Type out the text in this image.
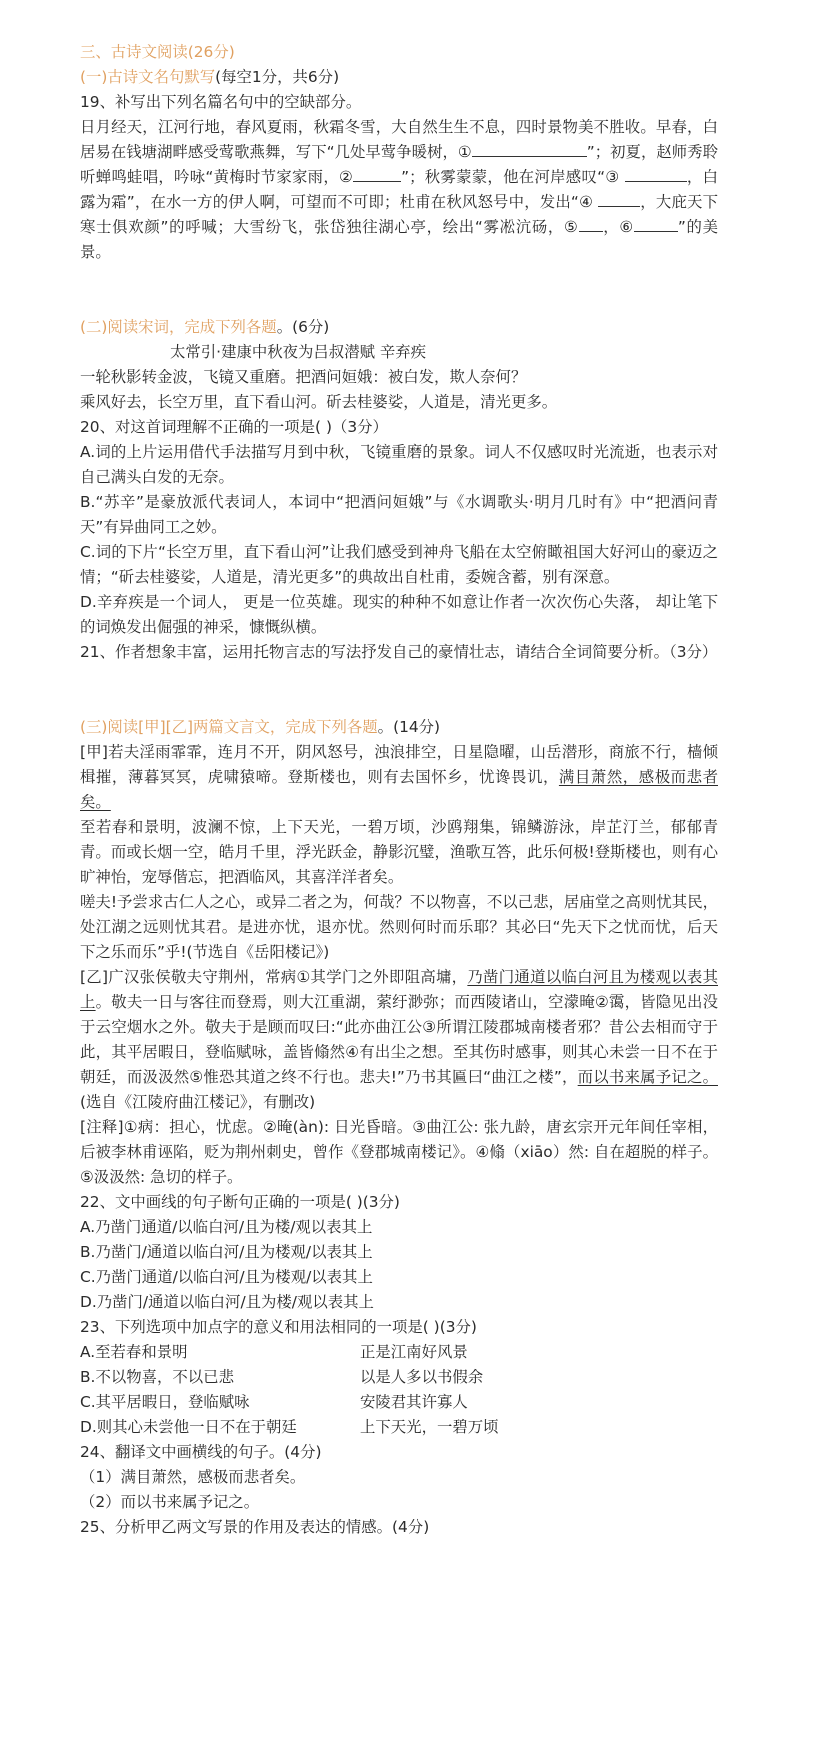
三、古诗文阅读(26分)

(一)古诗文名句默写(每空1分，共6分)

19、补写出下列名篇名句中的空缺部分。

日月经天，江河行地，春风夏雨，秋霜冬雪，大自然生生不息，四时景物美不胜收。早春，白居易在钱塘湖畔感受莺歌燕舞，写下“几处早莺争暖树，①	”；初夏，赵师秀聆听蝉鸣蛙唱，吟咏“黄梅时节家家雨，②	”；秋雾蒙蒙，他在河岸感叹“③	，白露为霜”，在水一方的伊人啊，可望而不可即；杜甫在秋风怒号中，发出“④	，大庇天下寒士俱欢颜”的呼喊；大雪纷飞，张岱独往湖心亭，绘出“雾凇沆砀，⑤ ，⑥	”的美景。

(二)阅读宋词，完成下列各题。(6分)

太常引·建康中秋夜为吕叔潜赋 辛弃疾

一轮秋影转金波，飞镜又重磨。把酒问姮娥：被白发，欺人奈何？

乘风好去，长空万里，直下看山河。斫去桂婆娑，人道是，清光更多。

20、对这首词理解不正确的一项是( )（3分）

A.词的上片运用借代手法描写月到中秋，飞镜重磨的景象。词人不仅感叹时光流逝，也表示对自己满头白发的无奈。

B.“苏辛”是豪放派代表词人，本词中“把酒问姮娥”与《水调歌头·明月几时有》中“把酒问青天”有异曲同工之妙。

C.词的下片“长空万里，直下看山河”让我们感受到神舟飞船在太空俯瞰祖国大好河山的豪迈之情；“斫去桂婆娑，人道是，清光更多”的典故出自杜甫，委婉含蓄，别有深意。

D.辛弃疾是一个词人， 更是一位英雄。现实的种种不如意让作者一次次伤心失落， 却让笔下的词焕发出倔强的神采，慷慨纵横。

21、作者想象丰富，运用托物言志的写法抒发自己的豪情壮志，请结合全词简要分析。（3分）

(三)阅读[甲][乙]两篇文言文，完成下列各题。(14分)

[甲]若夫淫雨霏霏，连月不开，阴风怒号，浊浪排空，日星隐曜，山岳潜形，商旅不行，樯倾楫摧，薄暮冥冥，虎啸猿啼。登斯楼也，则有去国怀乡，忧谗畏讥，满目萧然，感极而悲者矣。

至若春和景明，波澜不惊，上下天光，一碧万顷，沙鸥翔集，锦鳞游泳，岸芷汀兰，郁郁青青。而或长烟一空，皓月千里，浮光跃金，静影沉璧，渔歌互答，此乐何极!登斯楼也，则有心旷神怡，宠辱偕忘，把酒临风，其喜洋洋者矣。

嗟夫!予尝求古仁人之心，或异二者之为，何哉？不以物喜，不以己悲，居庙堂之高则忧其民，处江湖之远则忧其君。是进亦忧，退亦忧。然则何时而乐耶？其必曰“先天下之忧而忧，后天下之乐而乐”乎!(节选自《岳阳楼记》)

[乙]广汉张侯敬夫守荆州，常病①其学门之外即阻高墉，乃凿门通道以临白河且为楼观以表其上。敬夫一日与客往而登焉，则大江重湖，萦纡渺弥；而西陵诸山，空濛晻②霭，皆隐见出没于云空烟水之外。敬夫于是顾而叹曰:“此亦曲江公③所谓江陵郡城南楼者邪？昔公去相而守于此，其平居暇日，登临赋咏，盖皆翛然④有出尘之想。至其伤时感事，则其心未尝一日不在于朝廷，而汲汲然⑤惟恐其道之终不行也。悲夫!”乃书其匾曰“曲江之楼”，而以书来属予记之。 (选自《江陵府曲江楼记》，有删改)

[注释]①病：担心，忧虑。②晻(àn): 日光昏暗。③曲江公: 张九龄，唐玄宗开元年间任宰相，后被李林甫诬陷，贬为荆州刺史，曾作《登郡城南楼记》。④翛（xiāo）然: 自在超脱的样子。⑤汲汲然: 急切的样子。

22、文中画线的句子断句正确的一项是( )(3分)

A.乃凿门通道/以临白河/且为楼/观以表其上

B.乃凿门/通道以临白河/且为楼观/以表其上

C.乃凿门通道/以临白河/且为楼观/以表其上

D.乃凿门/通道以临白河/且为楼/观以表其上

23、下列选项中加点字的意义和用法相同的一项是( )(3分)

A.至若春和景明	正是江南好风景
B.不以物喜，不以已悲	以是人多以书假余
C.其平居暇日，登临赋咏	安陵君其许寡人
D.则其心未尝他一日不在于朝廷	上下天光，一碧万顷

24、翻译文中画横线的句子。(4分)

（1）满目萧然，感极而悲者矣。

（2）而以书来属予记之。

25、分析甲乙两文写景的作用及表达的情感。(4分)
